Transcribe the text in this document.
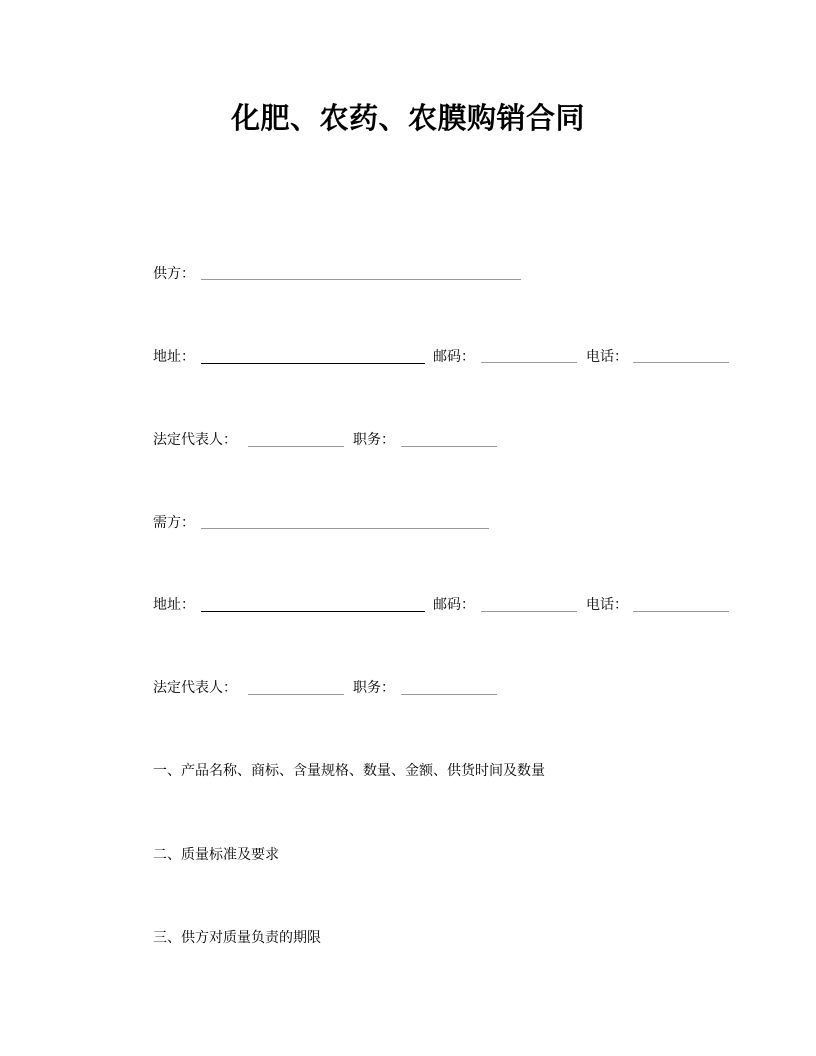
化肥、农药、农膜购销合同
供方：
地址：	邮码：	电话：
法定代表人：	职务：
需方：
地址：	邮码：	电话：
法定代表人：	职务：
一、产品名称、商标、含量规格、数量、金额、供货时间及数量
二、质量标准及要求
三、供方对质量负责的期限
